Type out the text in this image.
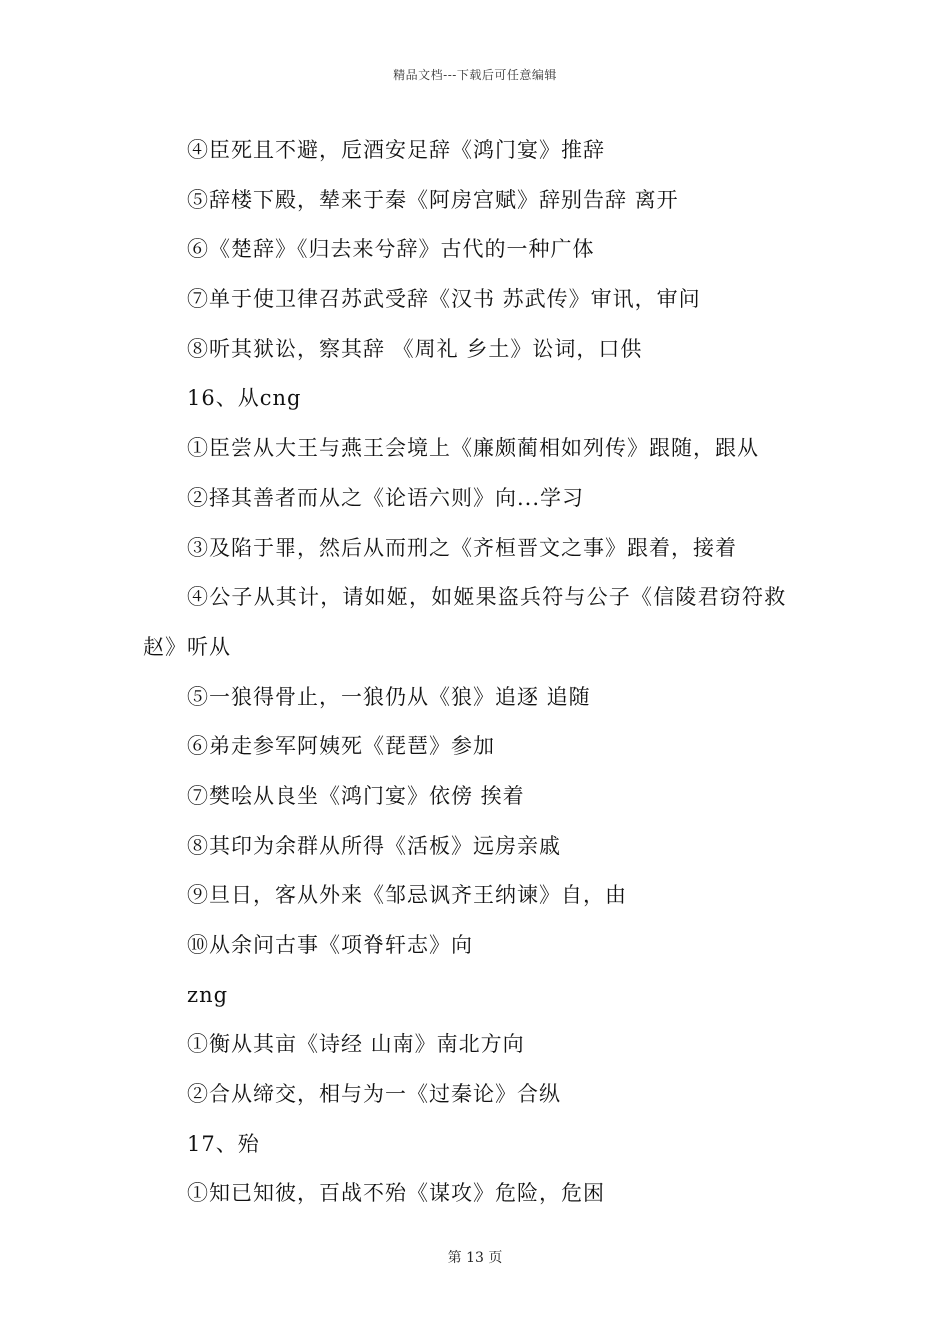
精品文档---下载后可任意编辑
④臣死且不避，卮酒安足辞《鸿门宴》推辞
⑤辞楼下殿，辇来于秦《阿房宫赋》辞别告辞 离开
⑥《楚辞》《归去来兮辞》古代的一种广体
⑦单于使卫律召苏武受辞《汉书 苏武传》审讯，审问
⑧听其狱讼，察其辞 《周礼 乡土》讼词，口供
16、从cng
①臣尝从大王与燕王会境上《廉颇蔺相如列传》跟随，跟从
②择其善者而从之《论语六则》向...学习
③及陷于罪，然后从而刑之《齐桓晋文之事》跟着，接着
④公子从其计，请如姬，如姬果盗兵符与公子《信陵君窃符救
赵》听从
⑤一狼得骨止，一狼仍从《狼》追逐 追随
⑥弟走参军阿姨死《琵琶》参加
⑦樊哙从良坐《鸿门宴》依傍 挨着
⑧其印为余群从所得《活板》远房亲戚
⑨旦日，客从外来《邹忌讽齐王纳谏》自，由
⑩从余问古事《项脊轩志》向
zng
①衡从其亩《诗经 山南》南北方向
②合从缔交，相与为一《过秦论》合纵
17、殆
①知已知彼，百战不殆《谋攻》危险，危困
第 13 页
